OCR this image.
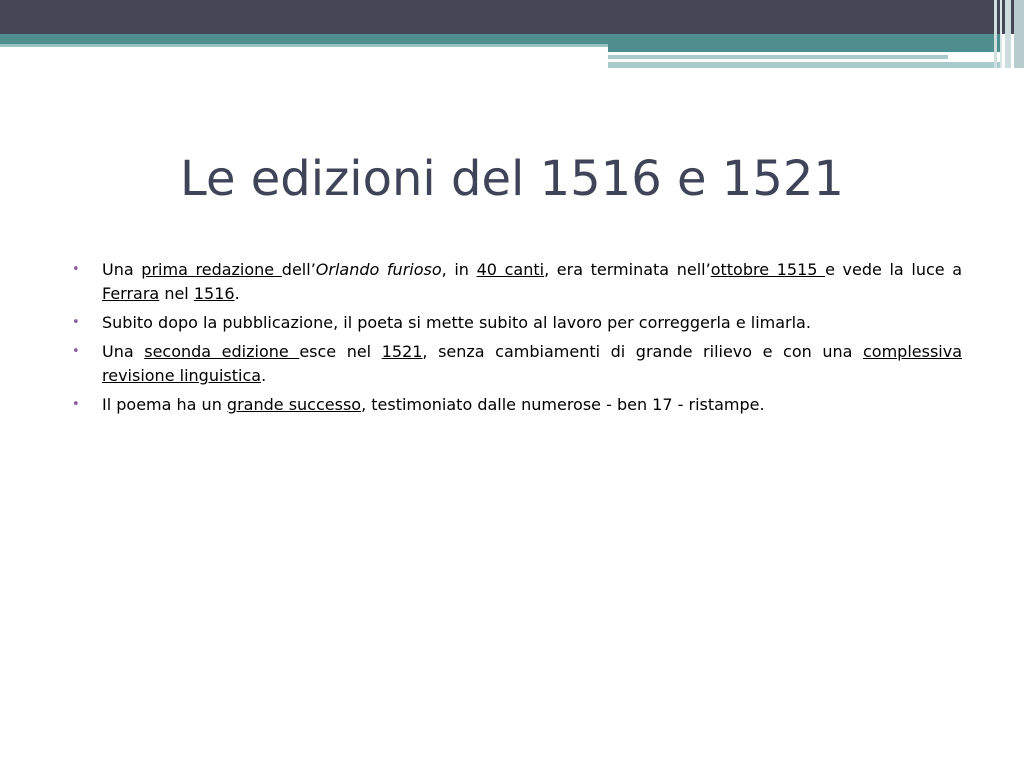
Le edizioni del 1516 e 1521
• Una prima redazione dell’Orlando furioso, in 40 canti, era terminata nell’ottobre 1515 e vede la luce a Ferrara nel 1516.
• Subito dopo la pubblicazione, il poeta si mette subito al lavoro per correggerla e limarla.
• Una seconda edizione esce nel 1521, senza cambiamenti di grande rilievo e con una complessiva revisione linguistica.
• Il poema ha un grande successo, testimoniato dalle numerose - ben 17 - ristampe.
